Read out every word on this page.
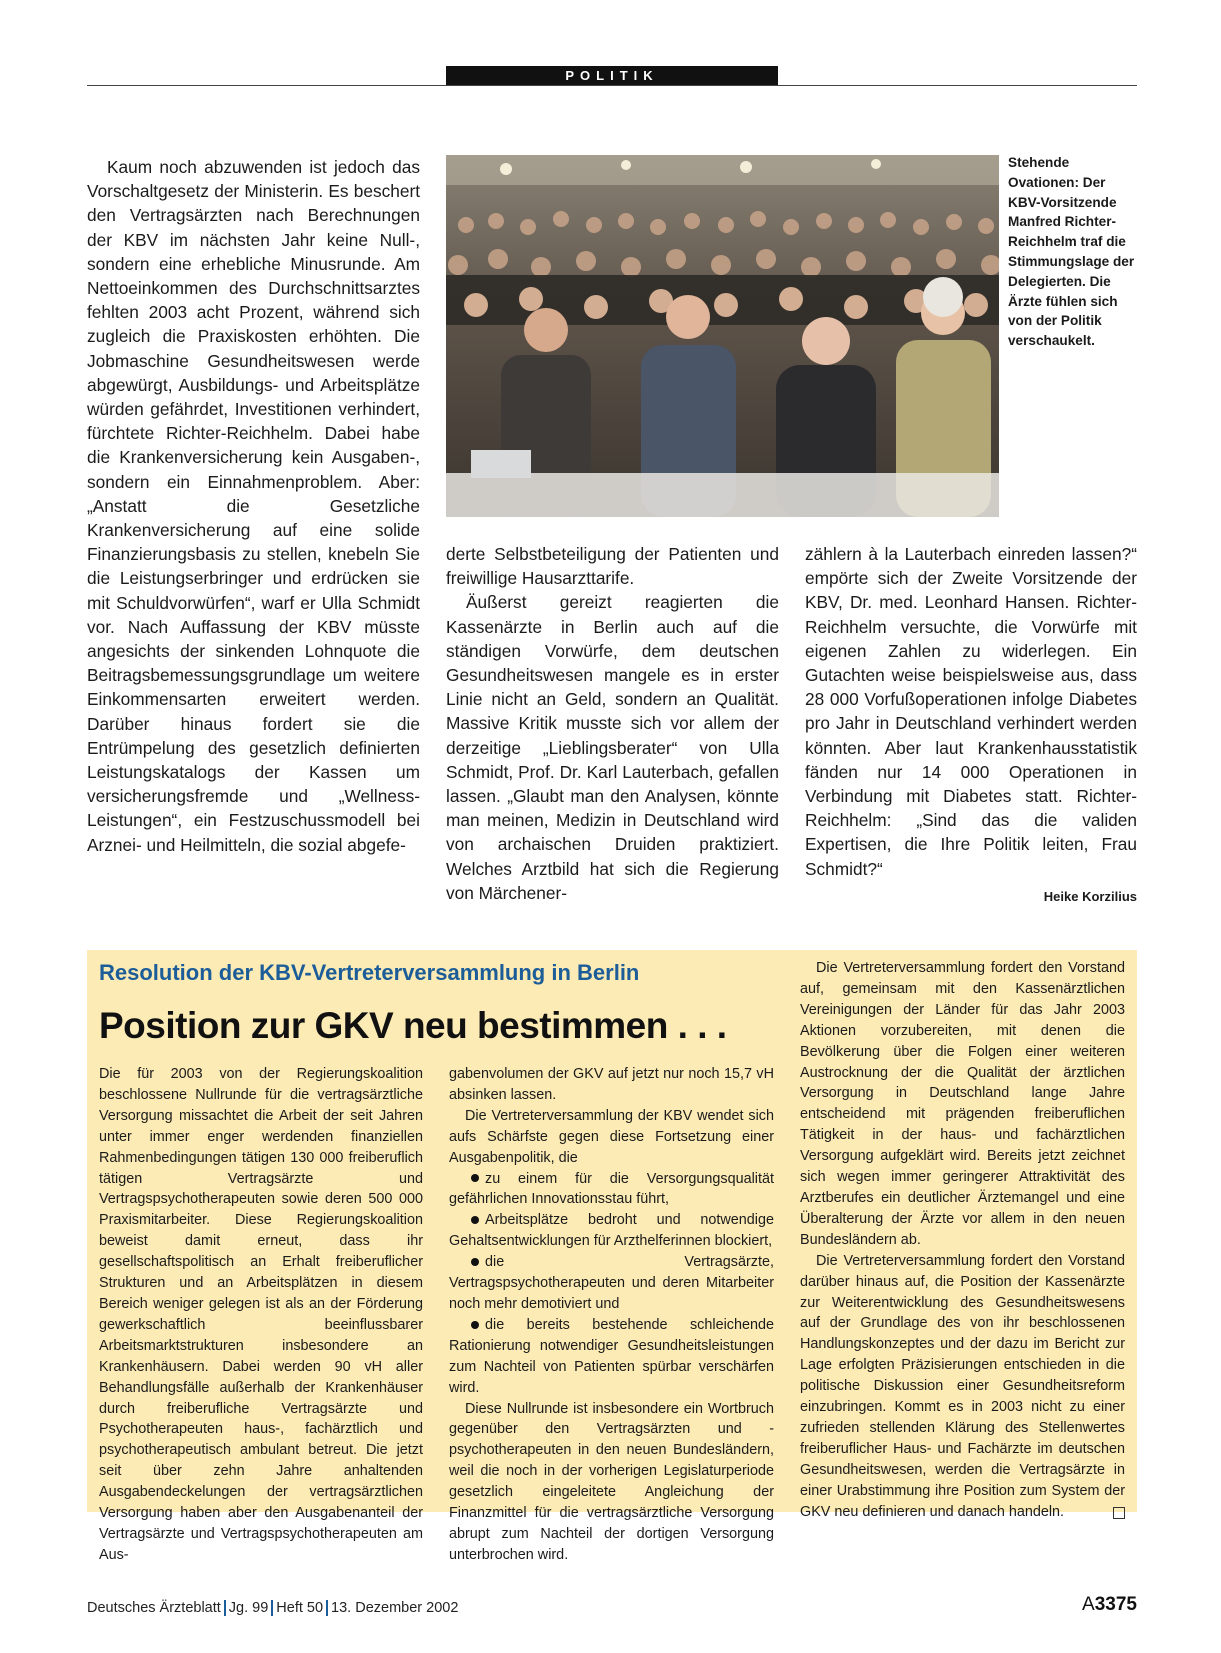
POLITIK

Kaum noch abzuwenden ist jedoch das Vorschaltgesetz der Ministerin. Es beschert den Vertragsärzten nach Berechnungen der KBV im nächsten Jahr keine Null-, sondern eine erhebliche Minusrunde. Am Nettoeinkommen des Durchschnittsarztes fehlten 2003 acht Prozent, während sich zugleich die Praxiskosten erhöhten. Die Jobmaschine Gesundheitswesen werde abgewürgt, Ausbildungs- und Arbeitsplätze würden gefährdet, Investitionen verhindert, fürchtete Richter-Reichhelm. Dabei habe die Krankenversicherung kein Ausgaben-, sondern ein Einnahmenproblem. Aber: „Anstatt die Gesetzliche Krankenversicherung auf eine solide Finanzierungsbasis zu stellen, knebeln Sie die Leistungserbringer und erdrücken sie mit Schuldvorwürfen“, warf er Ulla Schmidt vor. Nach Auffassung der KBV müsste angesichts der sinkenden Lohnquote die Beitragsbemessungsgrundlage um weitere Einkommensarten erweitert werden. Darüber hinaus fordert sie die Entrümpelung des gesetzlich definierten Leistungskatalogs der Kassen um versicherungsfremde und „Wellness-Leistungen“, ein Festzuschussmodell bei Arznei- und Heilmitteln, die sozial abgefe-

Stehende Ovationen: Der KBV-Vorsitzende Manfred Richter-Reichhelm traf die Stimmungslage der Delegierten. Die Ärzte fühlen sich von der Politik verschaukelt.

derte Selbstbeteiligung der Patienten und freiwillige Hausarzttarife.

Äußerst gereizt reagierten die Kassenärzte in Berlin auch auf die ständigen Vorwürfe, dem deutschen Gesundheitswesen mangele es in erster Linie nicht an Geld, sondern an Qualität. Massive Kritik musste sich vor allem der derzeitige „Lieblingsberater“ von Ulla Schmidt, Prof. Dr. Karl Lauterbach, gefallen lassen. „Glaubt man den Analysen, könnte man meinen, Medizin in Deutschland wird von archaischen Druiden praktiziert. Welches Arztbild hat sich die Regierung von Märchener-

zählern à la Lauterbach einreden lassen?“ empörte sich der Zweite Vorsitzende der KBV, Dr. med. Leonhard Hansen. Richter-Reichhelm versuchte, die Vorwürfe mit eigenen Zahlen zu widerlegen. Ein Gutachten weise beispielsweise aus, dass 28 000 Vorfußoperationen infolge Diabetes pro Jahr in Deutschland verhindert werden könnten. Aber laut Krankenhausstatistik fänden nur 14 000 Operationen in Verbindung mit Diabetes statt. Richter-Reichhelm: „Sind das die validen Expertisen, die Ihre Politik leiten, Frau Schmidt?“

Heike Korzilius
Resolution der KBV-Vertreterversammlung in Berlin
Position zur GKV neu bestimmen . . .

Die für 2003 von der Regierungskoalition beschlossene Nullrunde für die vertragsärztliche Versorgung missachtet die Arbeit der seit Jahren unter immer enger werdenden finanziellen Rahmenbedingungen tätigen 130 000 freiberuflich tätigen Vertragsärzte und Vertragspsychotherapeuten sowie deren 500 000 Praxismitarbeiter. Diese Regierungskoalition beweist damit erneut, dass ihr gesellschaftspolitisch an Erhalt freiberuflicher Strukturen und an Arbeitsplätzen in diesem Bereich weniger gelegen ist als an der Förderung gewerkschaftlich beeinflussbarer Arbeitsmarktstrukturen insbesondere an Krankenhäusern. Dabei werden 90 vH aller Behandlungsfälle außerhalb der Krankenhäuser durch freiberufliche Vertragsärzte und Psychotherapeuten haus-, fachärztlich und psychotherapeutisch ambulant betreut. Die jetzt seit über zehn Jahre anhaltenden Ausgabendeckelungen der vertragsärztlichen Versorgung haben aber den Ausgabenanteil der Vertragsärzte und Vertragspsychotherapeuten am Aus-

gabenvolumen der GKV auf jetzt nur noch 15,7 vH absinken lassen.

Die Vertreterversammlung der KBV wendet sich aufs Schärfste gegen diese Fortsetzung einer Ausgabenpolitik, die

zu einem für die Versorgungsqualität gefährlichen Innovationsstau führt,

Arbeitsplätze bedroht und notwendige Gehaltsentwicklungen für Arzthelferinnen blockiert,

die Vertragsärzte, Vertragspsychotherapeuten und deren Mitarbeiter noch mehr demotiviert und

die bereits bestehende schleichende Rationierung notwendiger Gesundheitsleistungen zum Nachteil von Patienten spürbar verschärfen wird.

Diese Nullrunde ist insbesondere ein Wortbruch gegenüber den Vertragsärzten und -psychotherapeuten in den neuen Bundesländern, weil die noch in der vorherigen Legislaturperiode gesetzlich eingeleitete Angleichung der Finanzmittel für die vertragsärztliche Versorgung abrupt zum Nachteil der dortigen Versorgung unterbrochen wird.

Die Vertreterversammlung fordert den Vorstand auf, gemeinsam mit den Kassenärztlichen Vereinigungen der Länder für das Jahr 2003 Aktionen vorzubereiten, mit denen die Bevölkerung über die Folgen einer weiteren Austrocknung der die Qualität der ärztlichen Versorgung in Deutschland lange Jahre entscheidend mit prägenden freiberuflichen Tätigkeit in der haus- und fachärztlichen Versorgung aufgeklärt wird. Bereits jetzt zeichnet sich wegen immer geringerer Attraktivität des Arztberufes ein deutlicher Ärztemangel und eine Überalterung der Ärzte vor allem in den neuen Bundesländern ab.

Die Vertreterversammlung fordert den Vorstand darüber hinaus auf, die Position der Kassenärzte zur Weiterentwicklung des Gesundheitswesens auf der Grundlage des von ihr beschlossenen Handlungskonzeptes und der dazu im Bericht zur Lage erfolgten Präzisierungen entschieden in die politische Diskussion einer Gesundheitsreform einzubringen. Kommt es in 2003 nicht zu einer zufrieden stellenden Klärung des Stellenwertes freiberuflicher Haus- und Fachärzte im deutschen Gesundheitswesen, werden die Vertragsärzte in einer Urabstimmung ihre Position zum System der GKV neu definieren und danach handeln.

Deutsches Ärzteblatt Jg. 99 Heft 50 13. Dezember 2002	A3375
